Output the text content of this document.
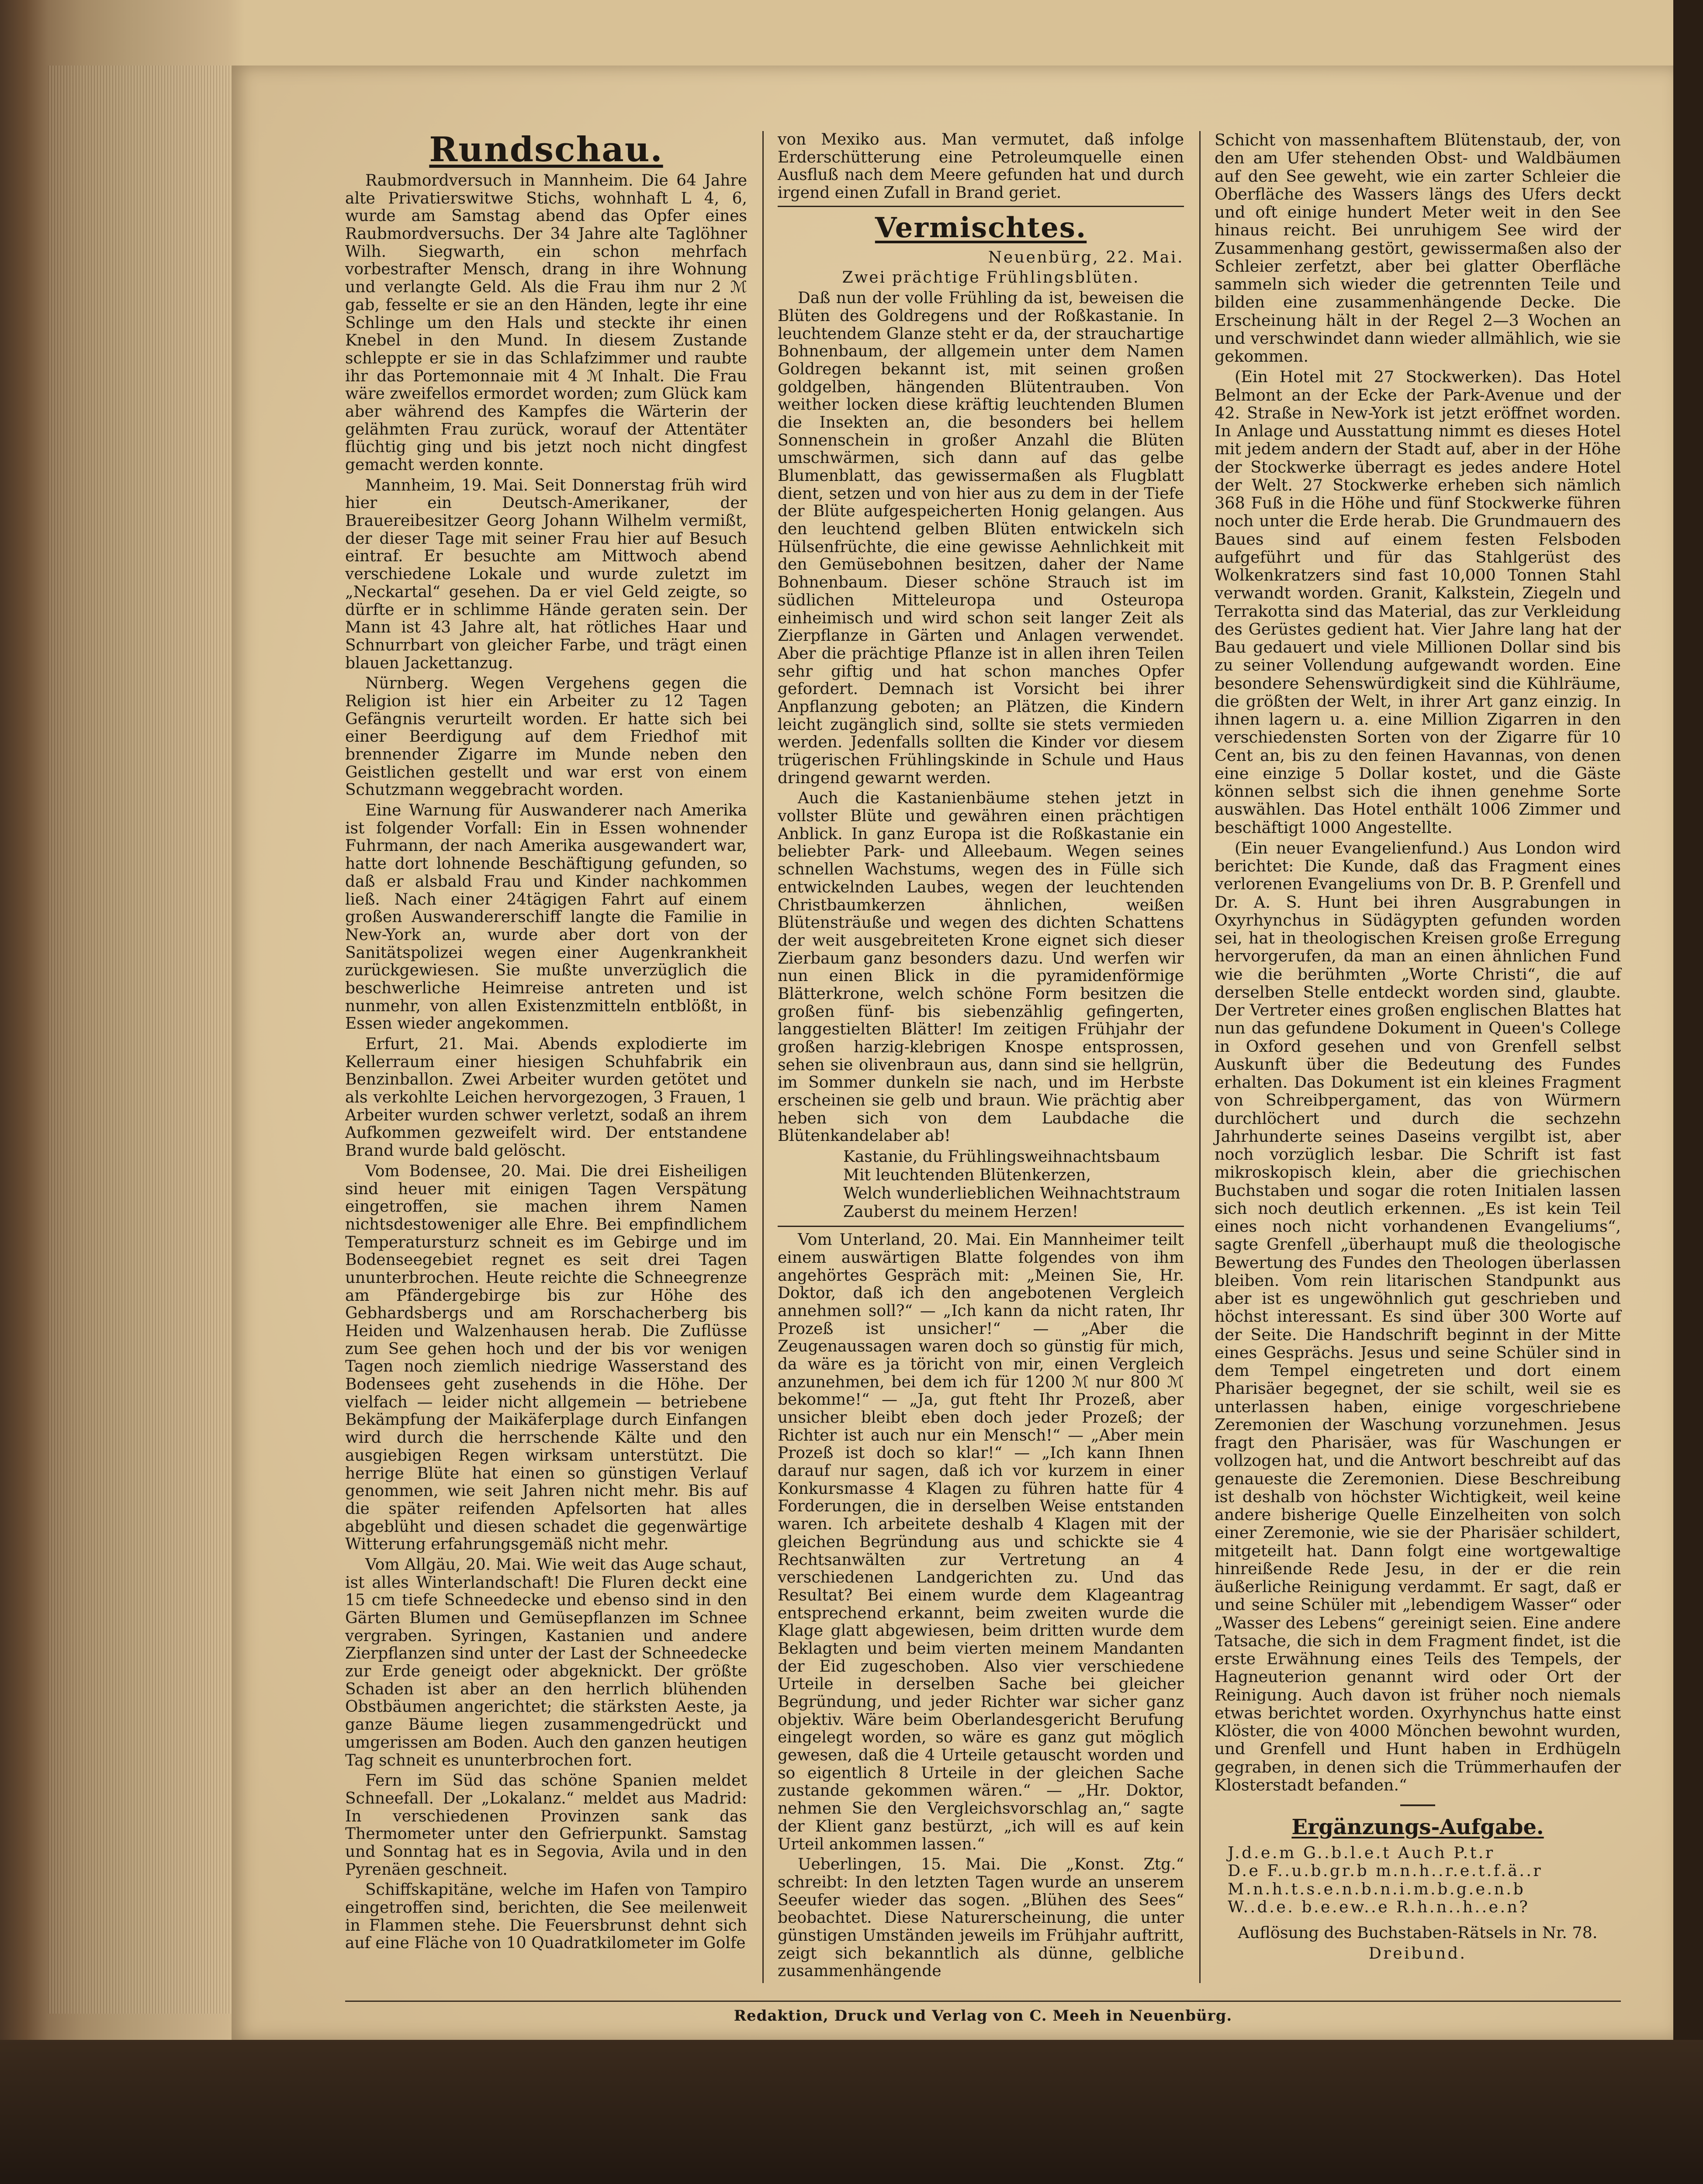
Rundschau.

Raubmordversuch in Mannheim. Die 64 Jahre alte Privatierswitwe Stichs, wohnhaft L 4, 6, wurde am Samstag abend das Opfer eines Raubmordversuchs. Der 34 Jahre alte Taglöhner Wilh. Siegwarth, ein schon mehrfach vorbestrafter Mensch, drang in ihre Wohnung und verlangte Geld. Als die Frau ihm nur 2 ℳ gab, fesselte er sie an den Händen, legte ihr eine Schlinge um den Hals und steckte ihr einen Knebel in den Mund. In diesem Zustande schleppte er sie in das Schlafzimmer und raubte ihr das Portemonnaie mit 4 ℳ Inhalt. Die Frau wäre zweifellos ermordet worden; zum Glück kam aber während des Kampfes die Wärterin der gelähmten Frau zurück, worauf der Attentäter flüchtig ging und bis jetzt noch nicht dingfest gemacht werden konnte.

Mannheim, 19. Mai. Seit Donnerstag früh wird hier ein Deutsch-Amerikaner, der Brauereibesitzer Georg Johann Wilhelm vermißt, der dieser Tage mit seiner Frau hier auf Besuch eintraf. Er besuchte am Mittwoch abend verschiedene Lokale und wurde zuletzt im „Neckartal“ gesehen. Da er viel Geld zeigte, so dürfte er in schlimme Hände geraten sein. Der Mann ist 43 Jahre alt, hat rötliches Haar und Schnurrbart von gleicher Farbe, und trägt einen blauen Jackettanzug.

Nürnberg. Wegen Vergehens gegen die Religion ist hier ein Arbeiter zu 12 Tagen Gefängnis verurteilt worden. Er hatte sich bei einer Beerdigung auf dem Friedhof mit brennender Zigarre im Munde neben den Geistlichen gestellt und war erst von einem Schutzmann weggebracht worden.

Eine Warnung für Auswanderer nach Amerika ist folgender Vorfall: Ein in Essen wohnender Fuhrmann, der nach Amerika ausgewandert war, hatte dort lohnende Beschäftigung gefunden, so daß er alsbald Frau und Kinder nachkommen ließ. Nach einer 24tägigen Fahrt auf einem großen Auswandererschiff langte die Familie in New-York an, wurde aber dort von der Sanitätspolizei wegen einer Augenkrankheit zurückgewiesen. Sie mußte unverzüglich die beschwerliche Heimreise antreten und ist nunmehr, von allen Existenzmitteln entblößt, in Essen wieder angekommen.

Erfurt, 21. Mai. Abends explodierte im Kellerraum einer hiesigen Schuhfabrik ein Benzinballon. Zwei Arbeiter wurden getötet und als verkohlte Leichen hervorgezogen, 3 Frauen, 1 Arbeiter wurden schwer verletzt, sodaß an ihrem Aufkommen gezweifelt wird. Der entstandene Brand wurde bald gelöscht.

Vom Bodensee, 20. Mai. Die drei Eisheiligen sind heuer mit einigen Tagen Verspätung eingetroffen, sie machen ihrem Namen nichtsdestoweniger alle Ehre. Bei empfindlichem Temperatursturz schneit es im Gebirge und im Bodenseegebiet regnet es seit drei Tagen ununterbrochen. Heute reichte die Schneegrenze am Pfändergebirge bis zur Höhe des Gebhardsbergs und am Rorschacherberg bis Heiden und Walzenhausen herab. Die Zuflüsse zum See gehen hoch und der bis vor wenigen Tagen noch ziemlich niedrige Wasserstand des Bodensees geht zusehends in die Höhe. Der vielfach — leider nicht allgemein — betriebene Bekämpfung der Maikäferplage durch Einfangen wird durch die herrschende Kälte und den ausgiebigen Regen wirksam unterstützt. Die herrige Blüte hat einen so günstigen Verlauf genommen, wie seit Jahren nicht mehr. Bis auf die später reifenden Apfelsorten hat alles abgeblüht und diesen schadet die gegenwärtige Witterung erfahrungsgemäß nicht mehr.

Vom Allgäu, 20. Mai. Wie weit das Auge schaut, ist alles Winterlandschaft! Die Fluren deckt eine 15 cm tiefe Schneedecke und ebenso sind in den Gärten Blumen und Gemüsepflanzen im Schnee vergraben. Syringen, Kastanien und andere Zierpflanzen sind unter der Last der Schneedecke zur Erde geneigt oder abgeknickt. Der größte Schaden ist aber an den herrlich blühenden Obstbäumen angerichtet; die stärksten Aeste, ja ganze Bäume liegen zusammengedrückt und umgerissen am Boden. Auch den ganzen heutigen Tag schneit es ununterbrochen fort.

Fern im Süd das schöne Spanien meldet Schneefall. Der „Lokalanz.“ meldet aus Madrid: In verschiedenen Provinzen sank das Thermometer unter den Gefrierpunkt. Samstag und Sonntag hat es in Segovia, Avila und in den Pyrenäen geschneit.

Schiffskapitäne, welche im Hafen von Tampiro eingetroffen sind, berichten, die See meilenweit in Flammen stehe. Die Feuersbrunst dehnt sich auf eine Fläche von 10 Quadratkilometer im Golfe

von Mexiko aus. Man vermutet, daß infolge Erderschütterung eine Petroleumquelle einen Ausfluß nach dem Meere gefunden hat und durch irgend einen Zufall in Brand geriet.

Vermischtes.

Neuenbürg, 22. Mai.

Zwei prächtige Frühlingsblüten.

Daß nun der volle Frühling da ist, beweisen die Blüten des Goldregens und der Roßkastanie. In leuchtendem Glanze steht er da, der strauchartige Bohnenbaum, der allgemein unter dem Namen Goldregen bekannt ist, mit seinen großen goldgelben, hängenden Blütentrauben. Von weither locken diese kräftig leuchtenden Blumen die Insekten an, die besonders bei hellem Sonnenschein in großer Anzahl die Blüten umschwärmen, sich dann auf das gelbe Blumenblatt, das gewissermaßen als Flugblatt dient, setzen und von hier aus zu dem in der Tiefe der Blüte aufgespeicherten Honig gelangen. Aus den leuchtend gelben Blüten entwickeln sich Hülsenfrüchte, die eine gewisse Aehnlichkeit mit den Gemüsebohnen besitzen, daher der Name Bohnenbaum. Dieser schöne Strauch ist im südlichen Mitteleuropa und Osteuropa einheimisch und wird schon seit langer Zeit als Zierpflanze in Gärten und Anlagen verwendet. Aber die prächtige Pflanze ist in allen ihren Teilen sehr giftig und hat schon manches Opfer gefordert. Demnach ist Vorsicht bei ihrer Anpflanzung geboten; an Plätzen, die Kindern leicht zugänglich sind, sollte sie stets vermieden werden. Jedenfalls sollten die Kinder vor diesem trügerischen Frühlingskinde in Schule und Haus dringend gewarnt werden.

Auch die Kastanienbäume stehen jetzt in vollster Blüte und gewähren einen prächtigen Anblick. In ganz Europa ist die Roßkastanie ein beliebter Park- und Alleebaum. Wegen seines schnellen Wachstums, wegen des in Fülle sich entwickelnden Laubes, wegen der leuchtenden Christbaumkerzen ähnlichen, weißen Blütensträuße und wegen des dichten Schattens der weit ausgebreiteten Krone eignet sich dieser Zierbaum ganz besonders dazu. Und werfen wir nun einen Blick in die pyramidenförmige Blätterkrone, welch schöne Form besitzen die großen fünf- bis siebenzählig gefingerten, langgestielten Blätter! Im zeitigen Frühjahr der großen harzig-klebrigen Knospe entsprossen, sehen sie olivenbraun aus, dann sind sie hellgrün, im Sommer dunkeln sie nach, und im Herbste erscheinen sie gelb und braun. Wie prächtig aber heben sich von dem Laubdache die Blütenkandelaber ab!

Kastanie, du Frühlingsweihnachtsbaum
Mit leuchtenden Blütenkerzen,
Welch wunderlieblichen Weihnachtstraum
Zauberst du meinem Herzen!

Vom Unterland, 20. Mai. Ein Mannheimer teilt einem auswärtigen Blatte folgendes von ihm angehörtes Gespräch mit: „Meinen Sie, Hr. Doktor, daß ich den angebotenen Vergleich annehmen soll?“ — „Ich kann da nicht raten, Ihr Prozeß ist unsicher!“ — „Aber die Zeugenaussagen waren doch so günstig für mich, da wäre es ja töricht von mir, einen Vergleich anzunehmen, bei dem ich für 1200 ℳ nur 800 ℳ bekomme!“ — „Ja, gut fteht Ihr Prozeß, aber unsicher bleibt eben doch jeder Prozeß; der Richter ist auch nur ein Mensch!“ — „Aber mein Prozeß ist doch so klar!“ — „Ich kann Ihnen darauf nur sagen, daß ich vor kurzem in einer Konkursmasse 4 Klagen zu führen hatte für 4 Forderungen, die in derselben Weise entstanden waren. Ich arbeitete deshalb 4 Klagen mit der gleichen Begründung aus und schickte sie 4 Rechtsanwälten zur Vertretung an 4 verschiedenen Landgerichten zu. Und das Resultat? Bei einem wurde dem Klageantrag entsprechend erkannt, beim zweiten wurde die Klage glatt abgewiesen, beim dritten wurde dem Beklagten und beim vierten meinem Mandanten der Eid zugeschoben. Also vier verschiedene Urteile in derselben Sache bei gleicher Begründung, und jeder Richter war sicher ganz objektiv. Wäre beim Oberlandesgericht Berufung eingelegt worden, so wäre es ganz gut möglich gewesen, daß die 4 Urteile getauscht worden und so eigentlich 8 Urteile in der gleichen Sache zustande gekommen wären.“ — „Hr. Doktor, nehmen Sie den Vergleichsvorschlag an,“ sagte der Klient ganz bestürzt, „ich will es auf kein Urteil ankommen lassen.“

Ueberlingen, 15. Mai. Die „Konst. Ztg.“ schreibt: In den letzten Tagen wurde an unserem Seeufer wieder das sogen. „Blühen des Sees“ beobachtet. Diese Naturerscheinung, die unter günstigen Umständen jeweils im Frühjahr auftritt, zeigt sich bekanntlich als dünne, gelbliche zusammenhängende

Schicht von massenhaftem Blütenstaub, der, von den am Ufer stehenden Obst- und Waldbäumen auf den See geweht, wie ein zarter Schleier die Oberfläche des Wassers längs des Ufers deckt und oft einige hundert Meter weit in den See hinaus reicht. Bei unruhigem See wird der Zusammenhang gestört, gewissermaßen also der Schleier zerfetzt, aber bei glatter Oberfläche sammeln sich wieder die getrennten Teile und bilden eine zusammenhängende Decke. Die Erscheinung hält in der Regel 2—3 Wochen an und verschwindet dann wieder allmählich, wie sie gekommen.

(Ein Hotel mit 27 Stockwerken). Das Hotel Belmont an der Ecke der Park-Avenue und der 42. Straße in New-York ist jetzt eröffnet worden. In Anlage und Ausstattung nimmt es dieses Hotel mit jedem andern der Stadt auf, aber in der Höhe der Stockwerke überragt es jedes andere Hotel der Welt. 27 Stockwerke erheben sich nämlich 368 Fuß in die Höhe und fünf Stockwerke führen noch unter die Erde herab. Die Grundmauern des Baues sind auf einem festen Felsboden aufgeführt und für das Stahlgerüst des Wolkenkratzers sind fast 10,000 Tonnen Stahl verwandt worden. Granit, Kalkstein, Ziegeln und Terrakotta sind das Material, das zur Verkleidung des Gerüstes gedient hat. Vier Jahre lang hat der Bau gedauert und viele Millionen Dollar sind bis zu seiner Vollendung aufgewandt worden. Eine besondere Sehenswürdigkeit sind die Kühlräume, die größten der Welt, in ihrer Art ganz einzig. In ihnen lagern u. a. eine Million Zigarren in den verschiedensten Sorten von der Zigarre für 10 Cent an, bis zu den feinen Havannas, von denen eine einzige 5 Dollar kostet, und die Gäste können selbst sich die ihnen genehme Sorte auswählen. Das Hotel enthält 1006 Zimmer und beschäftigt 1000 Angestellte.

(Ein neuer Evangelienfund.) Aus London wird berichtet: Die Kunde, daß das Fragment eines verlorenen Evangeliums von Dr. B. P. Grenfell und Dr. A. S. Hunt bei ihren Ausgrabungen in Oxyrhynchus in Südägypten gefunden worden sei, hat in theologischen Kreisen große Erregung hervorgerufen, da man an einen ähnlichen Fund wie die berühmten „Worte Christi“, die auf derselben Stelle entdeckt worden sind, glaubte. Der Vertreter eines großen englischen Blattes hat nun das gefundene Dokument in Queen's College in Oxford gesehen und von Grenfell selbst Auskunft über die Bedeutung des Fundes erhalten. Das Dokument ist ein kleines Fragment von Schreibpergament, das von Würmern durchlöchert und durch die sechzehn Jahrhunderte seines Daseins vergilbt ist, aber noch vorzüglich lesbar. Die Schrift ist fast mikroskopisch klein, aber die griechischen Buchstaben und sogar die roten Initialen lassen sich noch deutlich erkennen. „Es ist kein Teil eines noch nicht vorhandenen Evangeliums“, sagte Grenfell „überhaupt muß die theologische Bewertung des Fundes den Theologen überlassen bleiben. Vom rein litarischen Standpunkt aus aber ist es ungewöhnlich gut geschrieben und höchst interessant. Es sind über 300 Worte auf der Seite. Die Handschrift beginnt in der Mitte eines Gesprächs. Jesus und seine Schüler sind in dem Tempel eingetreten und dort einem Pharisäer begegnet, der sie schilt, weil sie es unterlassen haben, einige vorgeschriebene Zeremonien der Waschung vorzunehmen. Jesus fragt den Pharisäer, was für Waschungen er vollzogen hat, und die Antwort beschreibt auf das genaueste die Zeremonien. Diese Beschreibung ist deshalb von höchster Wichtigkeit, weil keine andere bisherige Quelle Einzelheiten von solch einer Zeremonie, wie sie der Pharisäer schildert, mitgeteilt hat. Dann folgt eine wortgewaltige hinreißende Rede Jesu, in der er die rein äußerliche Reinigung verdammt. Er sagt, daß er und seine Schüler mit „lebendigem Wasser“ oder „Wasser des Lebens“ gereinigt seien. Eine andere Tatsache, die sich in dem Fragment findet, ist die erste Erwähnung eines Teils des Tempels, der Hagneuterion genannt wird oder Ort der Reinigung. Auch davon ist früher noch niemals etwas berichtet worden. Oxyrhynchus hatte einst Klöster, die von 4000 Mönchen bewohnt wurden, und Grenfell und Hunt haben in Erdhügeln gegraben, in denen sich die Trümmerhaufen der Klosterstadt befanden.“

Ergänzungs-Aufgabe.
J.d.e.m G..b.l.e.t Auch P.t.r
D.e F..u.b.gr.b m.n.h..r.e.t.f.ä..r
M.n.h.t.s.e.n.b.n.i.m.b.g.e.n.b
W..d.e. b.e.ew..e R.h.n..h..e.n?

Auflösung des Buchstaben-Rätsels in Nr. 78.

Dreibund.

Redaktion, Druck und Verlag von C. Meeh in Neuenbürg.
